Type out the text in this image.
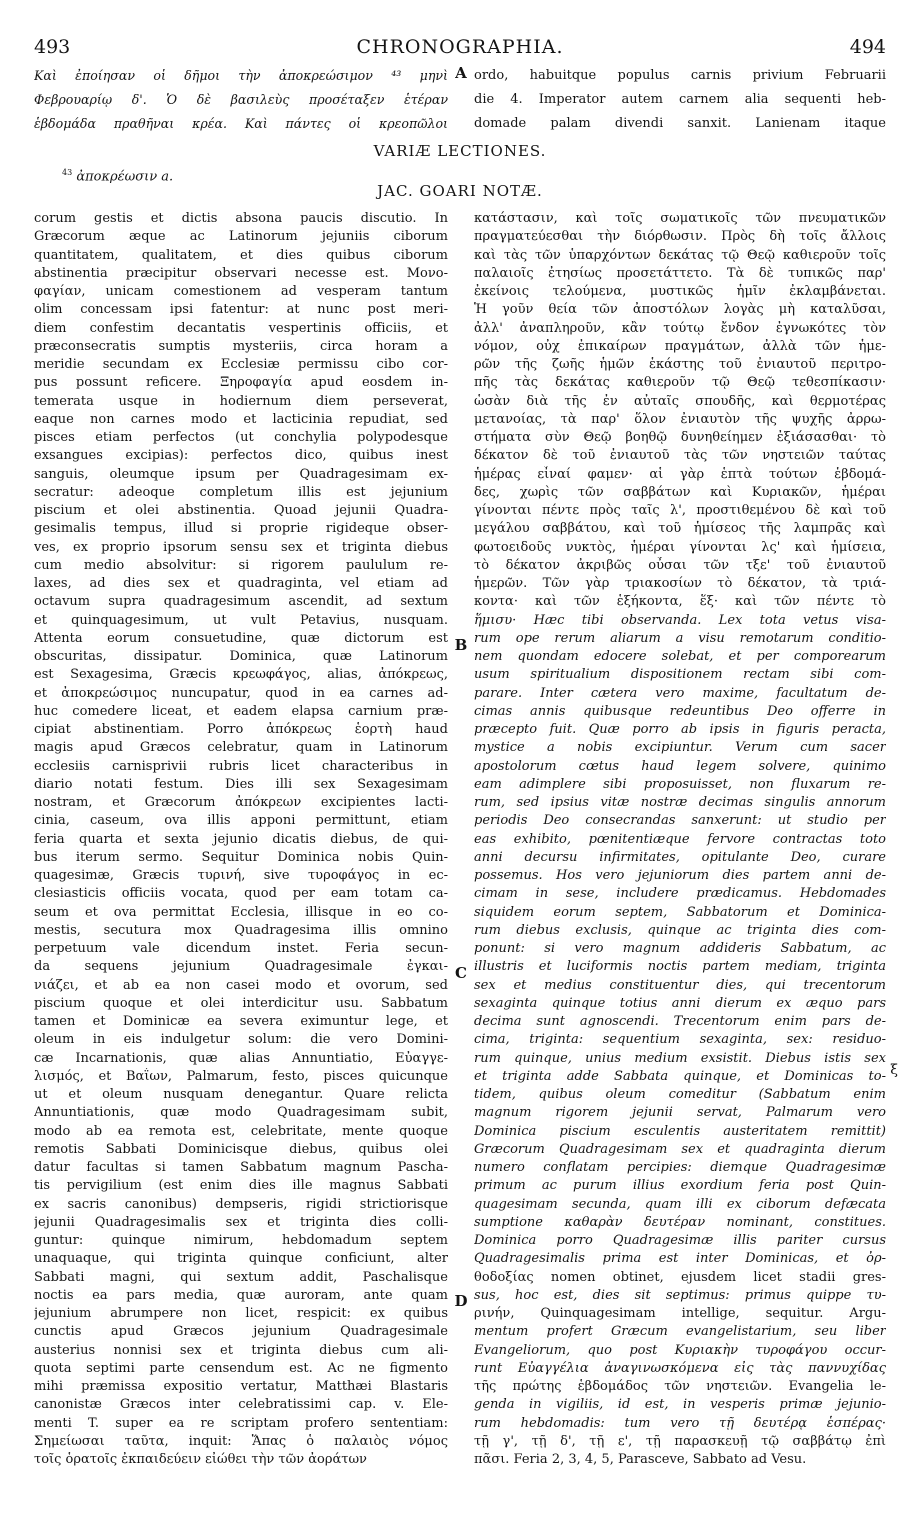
493	CHRONOGRAPHIA.	494
Καὶ ἐποίησαν οἱ δῆμοι τὴν ἀποκρεώσιμον ⁴³ μηνὶ
Φεβρουαρίῳ δ'. Ὁ δὲ βασιλεὺς προσέταξεν ἑτέραν
ἑβδομάδα πραθῆναι κρέα. Καὶ πάντες οἱ κρεοπῶλοι
A ordo, habuitque populus carnis privium Februarii
die 4. Imperator autem carnem alia sequenti heb-
domade palam divendi sanxit. Lanienam itaque
VARIÆ LECTIONES.
$^{43}$ ἀποκρέωσιν a.
JAC. GOARI NOTÆ.
corum gestis et dictis absona paucis discutio. In
Græcorum æque ac Latinorum jejuniis ciborum
quantitatem, qualitatem, et dies quibus ciborum
abstinentia præcipitur observari necesse est. Μονο-
φαγίαν, unicam comestionem ad vesperam tantum
olim concessam ipsi fatentur: at nunc post meri-
diem confestim decantatis vespertinis officiis, et
præconsecratis sumptis mysteriis, circa horam a
meridie secundam ex Ecclesiæ permissu cibo cor-
pus possunt reficere. Ξηροφαγία apud eosdem in-
temerata usque in hodiernum diem perseverat,
eaque non carnes modo et lacticinia repudiat, sed
pisces etiam perfectos (ut conchylia polypodesque
exsangues excipias): perfectos dico, quibus inest
sanguis, oleumque ipsum per Quadragesimam ex-
secratur: adeoque completum illis est jejunium
piscium et olei abstinentia. Quoad jejunii Quadra-
gesimalis tempus, illud si proprie rigideque obser-
ves, ex proprio ipsorum sensu sex et triginta diebus
cum medio absolvitur: si rigorem paululum re-
laxes, ad dies sex et quadraginta, vel etiam ad
octavum supra quadragesimum ascendit, ad sextum
et quinquagesimum, ut vult Petavius, nusquam.
Attenta eorum consuetudine, quæ dictorum est
obscuritas, dissipatur. Dominica, quæ Latinorum
est Sexagesima, Græcis κρεωφάγος, alias, ἀπόκρεως,
et ἀποκρεώσιμος nuncupatur, quod in ea carnes ad-
huc comedere liceat, et eadem elapsa carnium præ-
cipiat abstinentiam. Porro ἀπόκρεως ἑορτὴ haud
magis apud Græcos celebratur, quam in Latinorum
ecclesiis carnisprivii rubris licet characteribus in
diario notati festum. Dies illi sex Sexagesimam
nostram, et Græcorum ἀπόκρεων excipientes lacti-
cinia, caseum, ova illis apponi permittunt, etiam
feria quarta et sexta jejunio dicatis diebus, de qui-
bus iterum sermo. Sequitur Dominica nobis Quin-
quagesimæ, Græcis τυρινή, sive τυροφάγος in ec-
clesiasticis officiis vocata, quod per eam totam ca-
seum et ova permittat Ecclesia, illisque in eo co-
mestis, secutura mox Quadragesima illis omnino
perpetuum vale dicendum instet. Feria secun-
da sequens jejunium Quadragesimale ἐγκαι-
νιάζει, et ab ea non casei modo et ovorum, sed
piscium quoque et olei interdicitur usu. Sabbatum
tamen et Dominicæ ea severa eximuntur lege, et
oleum in eis indulgetur solum: die vero Domini-
cæ Incarnationis, quæ alias Annuntiatio, Εὐαγγε-
λισμός, et Βαΐων, Palmarum, festo, pisces quicunque
ut et oleum nusquam denegantur. Quare relicta
Annuntiationis, quæ modo Quadragesimam subit,
modo ab ea remota est, celebritate, mente quoque
remotis Sabbati Dominicisque diebus, quibus olei
datur facultas si tamen Sabbatum magnum Pascha-
tis pervigilium (est enim dies ille magnus Sabbati
ex sacris canonibus) dempseris, rigidi strictiorisque
jejunii Quadragesimalis sex et triginta dies colli-
guntur: quinque nimirum, hebdomadum septem
unaquaque, qui triginta quinque conficiunt, alter
Sabbati magni, qui sextum addit, Paschalisque
noctis ea pars media, quæ auroram, ante quam
jejunium abrumpere non licet, respicit: ex quibus
cunctis apud Græcos jejunium Quadragesimale
austerius nonnisi sex et triginta diebus cum ali-
quota septimi parte censendum est. Ac ne figmento
mihi præmissa expositio vertatur, Matthæi Blastaris
canonistæ Græcos inter celebratissimi cap. v. Ele-
menti T. super ea re scriptam profero sententiam:
Σημείωσαι ταῦτα, inquit: Ἅπας ὁ παλαιὸς νόμος
τοῖς ὁρατοῖς ἐκπαιδεύειν εἰώθει τὴν τῶν ἀοράτων
B
C
D
κατάστασιν, καὶ τοῖς σωματικοῖς τῶν πνευματικῶν
πραγματεύεσθαι τὴν διόρθωσιν. Πρὸς δὴ τοῖς ἄλλοις
καὶ τὰς τῶν ὑπαρχόντων δεκάτας τῷ Θεῷ καθιεροῦν τοῖς
παλαιοῖς ἐτησίως προσετάττετο. Τὰ δὲ τυπικῶς παρ'
ἐκείνοις τελούμενα, μυστικῶς ἡμῖν ἐκλαμβάνεται.
Ἡ γοῦν θεία τῶν ἀποστόλων λογὰς μὴ καταλῦσαι,
ἀλλ' ἀναπληροῦν, κἂν τούτῳ ἔνδον ἐγνωκότες τὸν
νόμον, οὐχ ἐπικαίρων πραγμάτων, ἀλλὰ τῶν ἡμε-
ρῶν τῆς ζωῆς ἡμῶν ἑκάστης τοῦ ἐνιαυτοῦ περιτρο-
πῆς τὰς δεκάτας καθιεροῦν τῷ Θεῷ τεθεσπίκασιν·
ὡσὰν διὰ τῆς ἐν αὐταῖς σπουδῆς, καὶ θερμοτέρας
μετανοίας, τὰ παρ' ὅλον ἐνιαυτὸν τῆς ψυχῆς ἀρρω-
στήματα σὺν Θεῷ βοηθῷ δυνηθείημεν ἐξιάσασθαι· τὸ
δέκατον δὲ τοῦ ἐνιαυτοῦ τὰς τῶν νηστειῶν ταύτας
ἡμέρας εἶναί φαμεν· αἱ γὰρ ἑπτὰ τούτων ἑβδομά-
δες, χωρὶς τῶν σαββάτων καὶ Κυριακῶν, ἡμέραι
γίνονται πέντε πρὸς ταῖς λ', προστιθεμένου δὲ καὶ τοῦ
μεγάλου σαββάτου, καὶ τοῦ ἡμίσεος τῆς λαμπρᾶς καὶ
φωτοειδοῦς νυκτὸς, ἡμέραι γίνονται λς' καὶ ἡμίσεια,
τὸ δέκατον ἀκριβῶς οὖσαι τῶν τξε' τοῦ ἐνιαυτοῦ
ἡμερῶν. Τῶν γὰρ τριακοσίων τὸ δέκατον, τὰ τριά-
κοντα· καὶ τῶν ἑξήκοντα, ἕξ· καὶ τῶν πέντε τὸ
ἥμισυ· Hæc tibi observanda. Lex tota vetus visa-
rum ope rerum aliarum a visu remotarum conditio-
nem quondam edocere solebat, et per comporearum
usum spiritualium dispositionem rectam sibi com-
parare. Inter cætera vero maxime, facultatum de-
cimas annis quibusque redeuntibus Deo offerre in
præcepto fuit. Quæ porro ab ipsis in figuris peracta,
mystice a nobis excipiuntur. Verum cum sacer
apostolorum cœtus haud legem solvere, quinimo
eam adimplere sibi proposuisset, non fluxarum re-
rum, sed ipsius vitæ nostræ decimas singulis annorum
periodis Deo consecrandas sanxerunt: ut studio per
eas exhibito, pœnitentiæque fervore contractas toto
anni decursu infirmitates, opitulante Deo, curare
possemus. Hos vero jejuniorum dies partem anni de-
cimam in sese, includere prædicamus. Hebdomades
siquidem eorum septem, Sabbatorum et Dominica-
rum diebus exclusis, quinque ac triginta dies com-
ponunt: si vero magnum addideris Sabbatum, ac
illustris et luciformis noctis partem mediam, triginta
sex et medius constituentur dies, qui trecentorum
sexaginta quinque totius anni dierum ex æquo pars
decima sunt agnoscendi. Trecentorum enim pars de-
cima, triginta: sequentium sexaginta, sex: residuo-
rum quinque, unius medium exsistit. Diebus istis sex
et triginta adde Sabbata quinque, et Dominicas to-
tidem, quibus oleum comeditur (Sabbatum enim
magnum rigorem jejunii servat, Palmarum vero
Dominica piscium esculentis austeritatem remittit)
Græcorum Quadragesimam sex et quadraginta dierum
numero conflatam percipies: diemque Quadragesimæ
primum ac purum illius exordium feria post Quin-
quagesimam secunda, quam illi ex ciborum defæcata
sumptione καθαρὰν δευτέραν nominant, constitues.
Dominica porro Quadragesimæ illis pariter cursus
Quadragesimalis prima est inter Dominicas, et ὀρ-
θοδοξίας nomen obtinet, ejusdem licet stadii gres-
sus, hoc est, dies sit septimus: primus quippe τυ-
ρινήν, Quinquagesimam intellige, sequitur. Argu-
mentum profert Græcum evangelistarium, seu liber
Evangeliorum, quo post Κυριακὴν τυροφάγου occur-
runt Εὐαγγέλια ἀναγινωσκόμενα εἰς τὰς παννυχίδας
τῆς πρώτης ἑβδομάδος τῶν νηστειῶν. Evangelia le-
genda in vigiliis, id est, in vesperis primæ jejunio-
rum hebdomadis: tum vero τῇ δευτέρᾳ ἑσπέρας·
τῇ γ', τῇ δ', τῇ ε', τῇ παρασκευῇ τῷ σαββάτῳ ἐπὶ
πᾶσι. Feria 2, 3, 4, 5, Parasceve, Sabbato ad Vesu.
ξ
